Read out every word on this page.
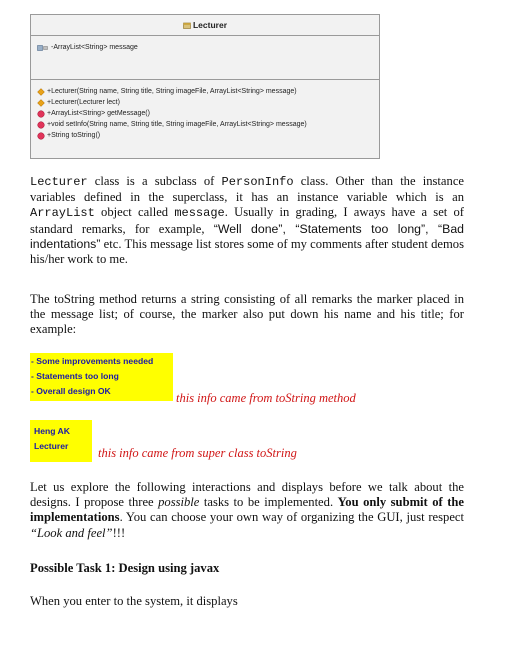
Lecturer
-ArrayList<String> message
+Lecturer(String name, String title, String imageFile, ArrayList<String> message)
+Lecturer(Lecturer lect)
+ArrayList<String> getMessage()
+void setInfo(String name, String title, String imageFile, ArrayList<String> message)
+String toString()
Lecturer class is a subclass of PersonInfo class. Other than the instance variables defined in the superclass, it has an instance variable which is an ArrayList object called message. Usually in grading, I aways have a set of standard remarks, for example, “Well done”, “Statements too long”, “Bad indentations” etc. This message list stores some of my comments after student demos his/her work to me.
The toString method returns a string consisting of all remarks the marker placed in the message list; of course, the marker also put down his name and his title; for example:
- Some improvements needed
- Statements too long
- Overall design OK	this info came from toString method
Heng AK
Lecturer	this info came from super class toString
Let us explore the following interactions and displays before we talk about the designs. I propose three possible tasks to be implemented. You only submit of the implementations. You can choose your own way of organizing the GUI, just respect “Look and feel”!!!
Possible Task 1: Design using javax
When you enter to the system, it displays
